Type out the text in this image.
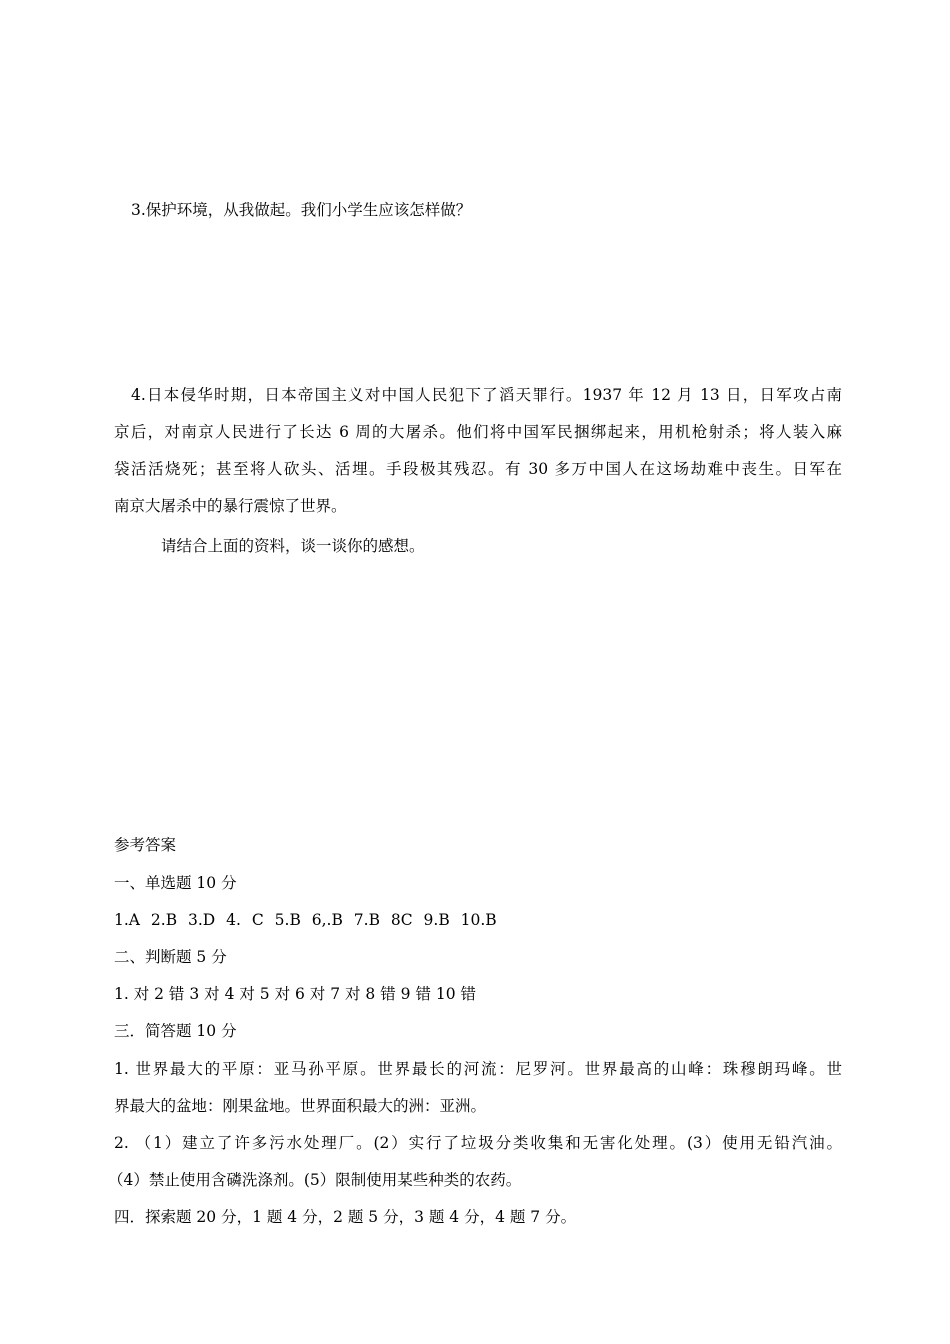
3.保护环境，从我做起。我们小学生应该怎样做？

4.日本侵华时期，日本帝国主义对中国人民犯下了滔天罪行。1937 年 12 月 13 日，日军攻占南

京后，对南京人民进行了长达 6 周的大屠杀。他们将中国军民捆绑起来，用机枪射杀；将人装入麻

袋活活烧死；甚至将人砍头、活埋。手段极其残忍。有 30 多万中国人在这场劫难中丧生。日军在

南京大屠杀中的暴行震惊了世界。

请结合上面的资料，谈一谈你的感想。

参考答案

一、单选题 10 分

1.A 2.B 3.D 4. C 5.B 6,.B 7.B 8C 9.B 10.B

二、判断题 5 分

1. 对 2 错 3 对 4 对 5 对 6 对 7 对 8 错 9 错 10 错

三．简答题 10 分

1. 世界最大的平原：亚马孙平原。世界最长的河流：尼罗河。世界最高的山峰：珠穆朗玛峰。世

界最大的盆地：刚果盆地。世界面积最大的洲：亚洲。

2. （1）建立了许多污水处理厂。(2）实行了垃圾分类收集和无害化处理。(3）使用无铅汽油。

（4）禁止使用含磷洗涤剂。(5）限制使用某些种类的农药。

四．探索题 20 分，1 题 4 分，2 题 5 分，3 题 4 分，4 题 7 分。
